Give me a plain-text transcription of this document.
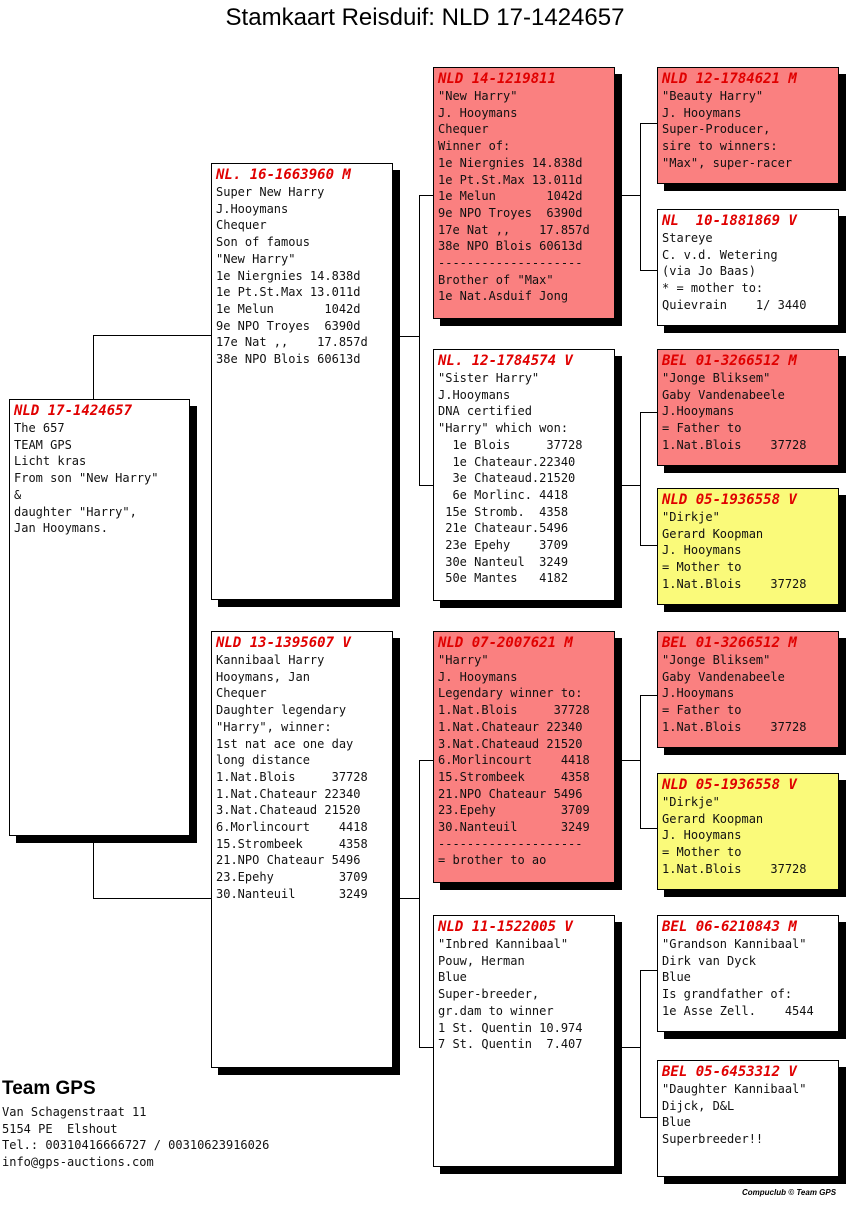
Stamkaart Reisduif: NLD 17-1424657
NLD 17-1424657
The 657
TEAM GPS
Licht kras
From son "New Harry"
&
daughter "Harry",
Jan Hooymans.
NL. 16-1663960 M
Super New Harry
J.Hooymans
Chequer
Son of famous
"New Harry"
1e Niergnies 14.838d
1e Pt.St.Max 13.011d
1e Melun       1042d
9e NPO Troyes  6390d
17e Nat ,,    17.857d
38e NPO Blois 60613d
NLD 13-1395607 V
Kannibaal Harry
Hooymans, Jan
Chequer
Daughter legendary
"Harry", winner:
1st nat ace one day
long distance
1.Nat.Blois     37728
1.Nat.Chateaur 22340
3.Nat.Chateaud 21520
6.Morlincourt    4418
15.Strombeek     4358
21.NPO Chateaur 5496
23.Epehy         3709
30.Nanteuil      3249
NLD 14-1219811
"New Harry"
J. Hooymans
Chequer
Winner of:
1e Niergnies 14.838d
1e Pt.St.Max 13.011d
1e Melun       1042d
9e NPO Troyes  6390d
17e Nat ,,    17.857d
38e NPO Blois 60613d
--------------------
Brother of "Max"
1e Nat.Asduif Jong
NL. 12-1784574 V
"Sister Harry"
J.Hooymans
DNA certified
"Harry" which won:
1e Blois     37728
1e Chateaur.22340
3e Chateaud.21520
6e Morlinc. 4418
15e Stromb.  4358
21e Chateaur.5496
23e Epehy    3709
30e Nanteul  3249
50e Mantes   4182
NLD 07-2007621 M
"Harry"
J. Hooymans
Legendary winner to:
1.Nat.Blois     37728
1.Nat.Chateaur 22340
3.Nat.Chateaud 21520
6.Morlincourt    4418
15.Strombeek     4358
21.NPO Chateaur 5496
23.Epehy         3709
30.Nanteuil      3249
--------------------
= brother to ao
NLD 11-1522005 V
"Inbred Kannibaal"
Pouw, Herman
Blue
Super-breeder,
gr.dam to winner
1 St. Quentin 10.974
7 St. Quentin  7.407
NLD 12-1784621 M
"Beauty Harry"
J. Hooymans
Super-Producer,
sire to winners:
"Max", super-racer
NL  10-1881869 V
Stareye
C. v.d. Wetering
(via Jo Baas)
* = mother to:
Quievrain    1/ 3440
BEL 01-3266512 M
"Jonge Bliksem"
Gaby Vandenabeele
J.Hooymans
= Father to
1.Nat.Blois    37728
NLD 05-1936558 V
"Dirkje"
Gerard Koopman
J. Hooymans
= Mother to
1.Nat.Blois    37728
BEL 01-3266512 M
"Jonge Bliksem"
Gaby Vandenabeele
J.Hooymans
= Father to
1.Nat.Blois    37728
NLD 05-1936558 V
"Dirkje"
Gerard Koopman
J. Hooymans
= Mother to
1.Nat.Blois    37728
BEL 06-6210843 M
"Grandson Kannibaal"
Dirk van Dyck
Blue
Is grandfather of:
1e Asse Zell.    4544
BEL 05-6453312 V
"Daughter Kannibaal"
Dijck, D&L
Blue
Superbreeder!!
Team GPS
Van Schagenstraat 11
5154 PE  Elshout
Tel.: 00310416666727 / 00310623916026
info@gps-auctions.com
Compuclub © Team GPS
